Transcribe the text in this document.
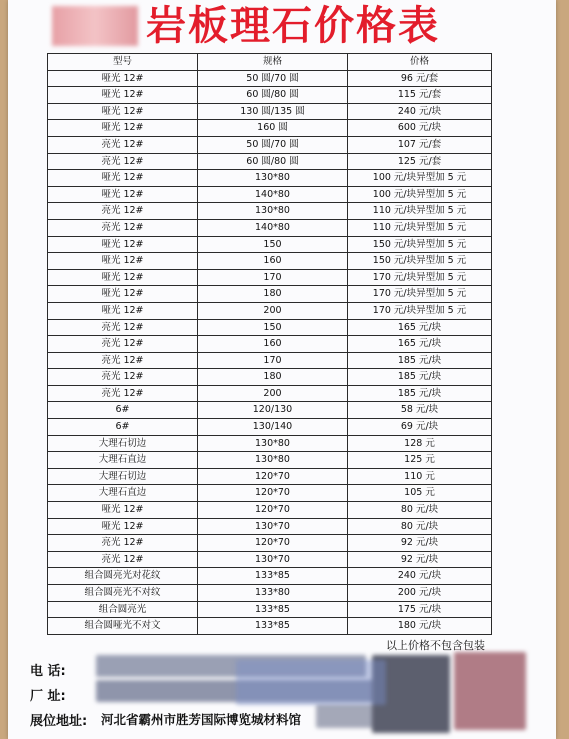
岩板理石价格表
型号	规格	价格
哑光 12#	50 圆/70 圆	96 元/套
哑光 12#	60 圆/80 圆	115 元/套
哑光 12#	130 圆/135 圆	240 元/块
哑光 12#	160 圆	600 元/块
亮光 12#	50 圆/70 圆	107 元/套
亮光 12#	60 圆/80 圆	125 元/套
哑光 12#	130*80	100 元/块异型加 5 元
哑光 12#	140*80	100 元/块异型加 5 元
亮光 12#	130*80	110 元/块异型加 5 元
亮光 12#	140*80	110 元/块异型加 5 元
哑光 12#	150	150 元/块异型加 5 元
哑光 12#	160	150 元/块异型加 5 元
哑光 12#	170	170 元/块异型加 5 元
哑光 12#	180	170 元/块异型加 5 元
哑光 12#	200	170 元/块异型加 5 元
亮光 12#	150	165 元/块
亮光 12#	160	165 元/块
亮光 12#	170	185 元/块
亮光 12#	180	185 元/块
亮光 12#	200	185 元/块
6#	120/130	58 元/块
6#	130/140	69 元/块
大理石切边	130*80	128 元
大理石直边	130*80	125 元
大理石切边	120*70	110 元
大理石直边	120*70	105 元
哑光 12#	120*70	80 元/块
哑光 12#	130*70	80 元/块
亮光 12#	120*70	92 元/块
亮光 12#	130*70	92 元/块
组合圆亮光对花纹	133*85	240 元/块
组合圆亮光不对纹	133*80	200 元/块
组合圆亮光	133*85	175 元/块
组合圆哑光不对文	133*85	180 元/块
以上价格不包含包装
电 话:
厂 址:
展位地址: 河北省霸州市胜芳国际博览城材料馆
